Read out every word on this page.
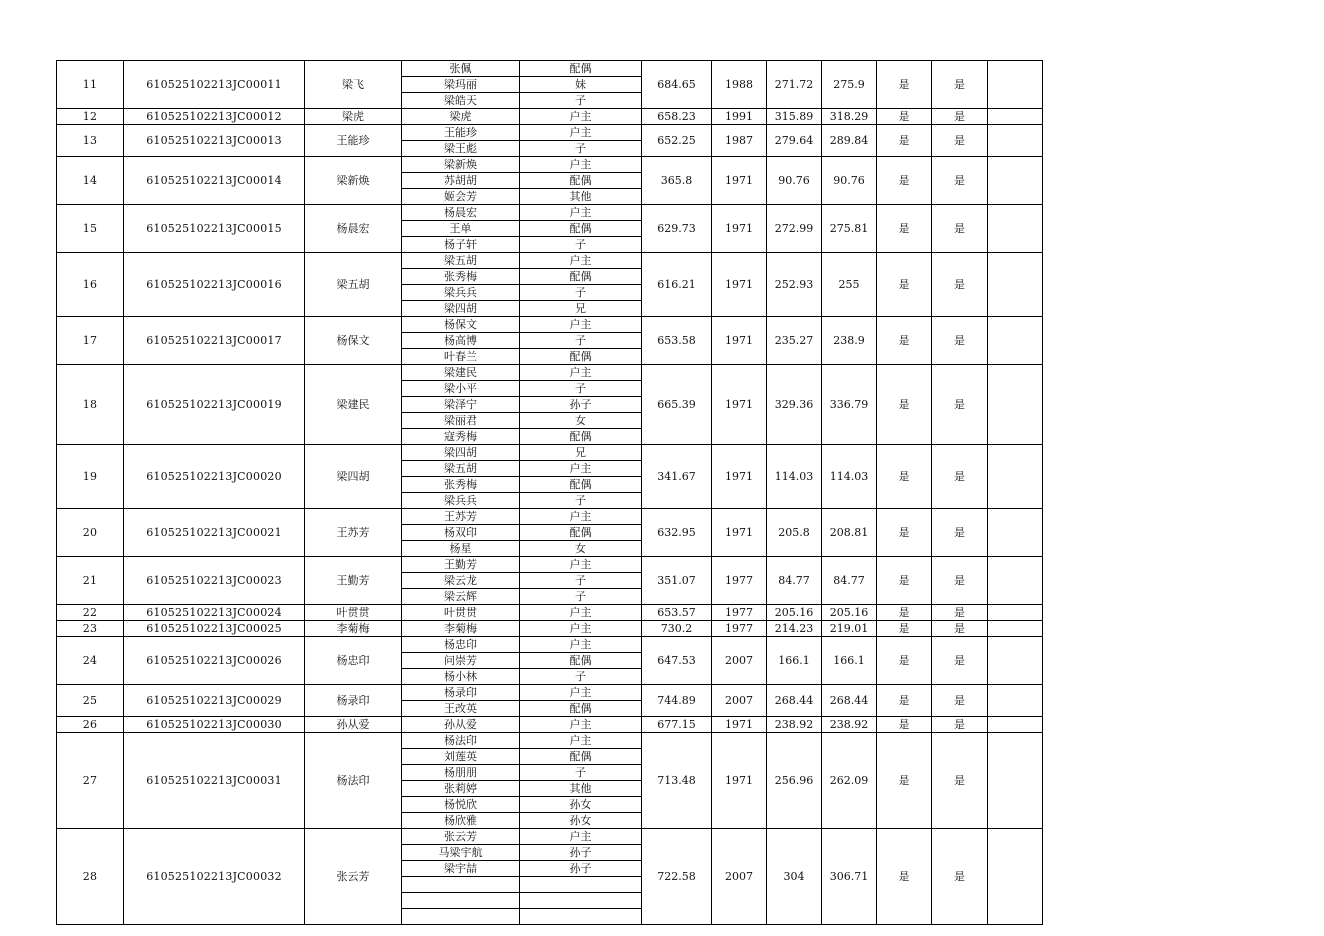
11	610525102213JC00011	梁飞	张佩	配偶	684.65	1988	271.72	275.9	是	是	
			梁玛丽	妹							
			梁皓天	子							
12	610525102213JC00012	梁虎	梁虎	户主	658.23	1991	315.89	318.29	是	是	
13	610525102213JC00013	王能珍	王能珍	户主	652.25	1987	279.64	289.84	是	是	
			梁王彪	子							
14	610525102213JC00014	梁新焕	梁新焕	户主	365.8	1971	90.76	90.76	是	是	
			苏胡胡	配偶							
			姬会芳	其他							
15	610525102213JC00015	杨晨宏	杨晨宏	户主	629.73	1971	272.99	275.81	是	是	
			王单	配偶							
			杨子轩	子							
16	610525102213JC00016	梁五胡	梁五胡	户主	616.21	1971	252.93	255	是	是	
			张秀梅	配偶							
			梁兵兵	子							
			梁四胡	兄							
17	610525102213JC00017	杨保文	杨保文	户主	653.58	1971	235.27	238.9	是	是	
			杨高博	子							
			叶春兰	配偶							
18	610525102213JC00019	梁建民	梁建民	户主	665.39	1971	329.36	336.79	是	是	
			梁小平	子							
			梁泽宁	孙子							
			梁丽君	女							
			寇秀梅	配偶							
19	610525102213JC00020	梁四胡	梁四胡	兄	341.67	1971	114.03	114.03	是	是	
			梁五胡	户主							
			张秀梅	配偶							
			梁兵兵	子							
20	610525102213JC00021	王苏芳	王苏芳	户主	632.95	1971	205.8	208.81	是	是	
			杨双印	配偶							
			杨星	女							
21	610525102213JC00023	王勤芳	王勤芳	户主	351.07	1977	84.77	84.77	是	是	
			梁云龙	子							
			梁云辉	子							
22	610525102213JC00024	叶贯贯	叶贯贯	户主	653.57	1977	205.16	205.16	是	是	
23	610525102213JC00025	李菊梅	李菊梅	户主	730.2	1977	214.23	219.01	是	是	
24	610525102213JC00026	杨忠印	杨忠印	户主	647.53	2007	166.1	166.1	是	是	
			问崇芳	配偶							
			杨小林	子							
25	610525102213JC00029	杨录印	杨录印	户主	744.89	2007	268.44	268.44	是	是	
			王改英	配偶							
26	610525102213JC00030	孙从爱	孙从爱	户主	677.15	1971	238.92	238.92	是	是	
27	610525102213JC00031	杨法印	杨法印	户主	713.48	1971	256.96	262.09	是	是	
			刘莲英	配偶							
			杨朋朋	子							
			张莉婷	其他							
			杨悦欣	孙女							
			杨欣雅	孙女							
28	610525102213JC00032	张云芳	张云芳	户主	722.58	2007	304	306.71	是	是	
			马梁宇航	孙子							
			梁宇喆	孙子							
